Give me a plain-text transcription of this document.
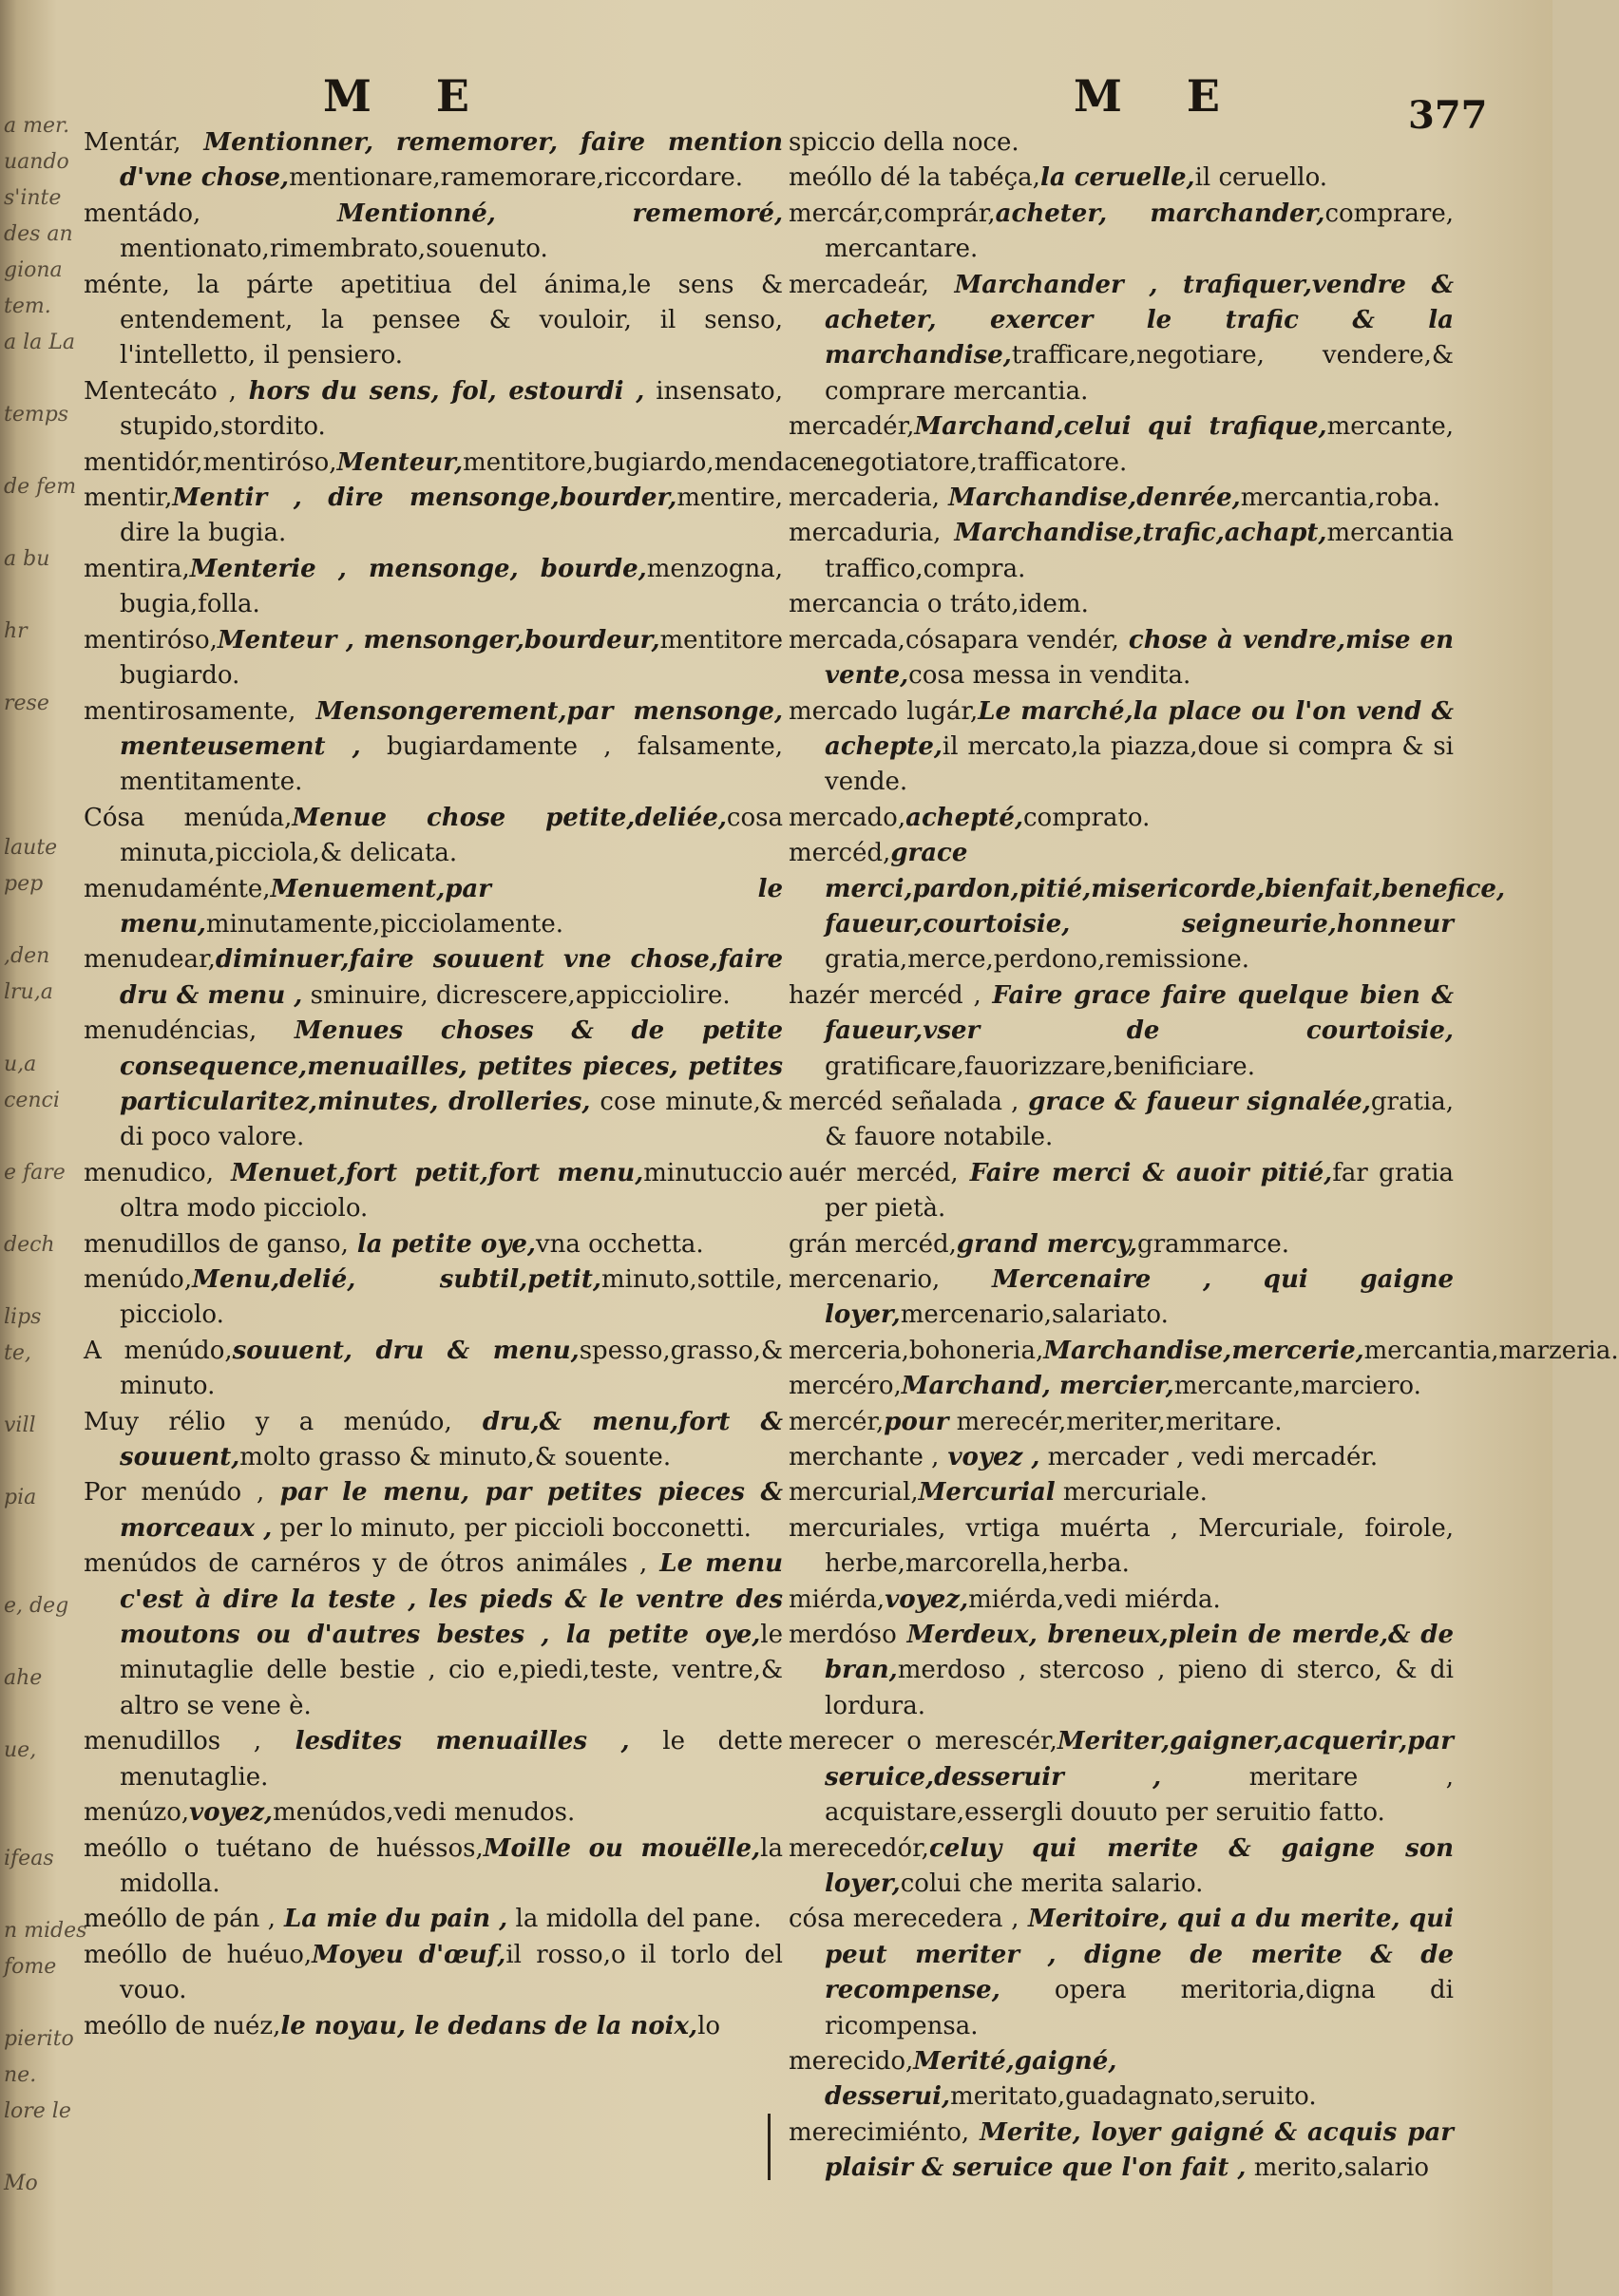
a mer.
uando
s'inte
des an
giona
tem.
a la La
temps
de fem
a bu
hr
rese
laute
pep
,den
lru,a
u,a
cenci
e fare
dech
lips
te,
vill
pia
e, deg
ahe
ue,
ifeas
n mides
fome
pierito
ne.
lore le
Mo
M E	M E	377

Mentár, Mentionner, rememorer, faire mention d'vne chose,mentionare,ramemorare,riccordare.

mentádo, Mentionné, rememoré, mentionato,rimembrato,souenuto.

ménte, la párte apetitiua del ánima,le sens & entendement, la pensee & vouloir, il senso, l'intelletto, il pensiero.

Mentecáto , hors du sens, fol, estourdi , insensato, stupido,stordito.

mentidór,mentiróso,Menteur,mentitore,bugiardo,mendace.

mentir,Mentir , dire mensonge,bourder,mentire, dire la bugia.

mentira,Menterie , mensonge, bourde,menzogna, bugia,folla.

mentiróso,Menteur , mensonger,bourdeur,mentitore bugiardo.

mentirosamente, Mensongerement,par mensonge, menteusement , bugiardamente , falsamente, mentitamente.

Cósa menúda,Menue chose petite,deliée,cosa minuta,picciola,& delicata.

menudaménte,Menuement,par le menu,minutamente,picciolamente.

menudear,diminuer,faire souuent vne chose,faire dru & menu , sminuire, dicrescere,appicciolire.

menudéncias, Menues choses & de petite consequence,menuailles, petites pieces, petites particularitez,minutes, drolleries, cose minute,& di poco valore.

menudico, Menuet,fort petit,fort menu,minutuccio oltra modo picciolo.

menudillos de ganso, la petite oye,vna occhetta.

menúdo,Menu,delié, subtil,petit,minuto,sottile, picciolo.

A menúdo,souuent, dru & menu,spesso,grasso,& minuto.

Muy rélio y a menúdo, dru,& menu,fort & souuent,molto grasso & minuto,& souente.

Por menúdo , par le menu, par petites pieces & morceaux , per lo minuto, per piccioli bocconetti.

menúdos de carnéros y de ótros animáles , Le menu c'est à dire la teste , les pieds & le ventre des moutons ou d'autres bestes , la petite oye,le minutaglie delle bestie , cio e,piedi,teste, ventre,& altro se vene è.

menudillos , lesdites menuailles , le dette menutaglie.

menúzo,voyez,menúdos,vedi menudos.

meóllo o tuétano de huéssos,Moille ou mouëlle,la midolla.

meóllo de pán , La mie du pain , la midolla del pane.

meóllo de huéuo,Moyeu d'œuf,il rosso,o il torlo del vouo.

meóllo de nuéz,le noyau, le dedans de la noix,lo

spiccio della noce.

meóllo dé la tabéça,la ceruelle,il ceruello.

mercár,comprár,acheter, marchander,comprare, mercantare.

mercadeár, Marchander , trafiquer,vendre & acheter, exercer le trafic & la marchandise,trafficare,negotiare, vendere,& comprare mercantia.

mercadér,Marchand,celui qui trafique,mercante, negotiatore,trafficatore.

mercaderia, Marchandise,denrée,mercantia,roba.

mercaduria, Marchandise,trafic,achapt,mercantia traffico,compra.

mercancia o tráto,idem.

mercada,cósapara vendér, chose à vendre,mise en vente,cosa messa in vendita.

mercado lugár,Le marché,la place ou l'on vend & achepte,il mercato,la piazza,doue si compra & si vende.

mercado,achepté,comprato.

mercéd,grace merci,pardon,pitié,misericorde,bienfait,benefice, faueur,courtoisie, seigneurie,honneur gratia,merce,perdono,remissione.

hazér mercéd , Faire grace faire quelque bien & faueur,vser de courtoisie, gratificare,fauorizzare,benificiare.

mercéd señalada , grace & faueur signalée,gratia, & fauore notabile.

auér mercéd, Faire merci & auoir pitié,far gratia per pietà.

grán mercéd,grand mercy,grammarce.

mercenario, Mercenaire , qui gaigne loyer,mercenario,salariato.

merceria,bohoneria,Marchandise,mercerie,mercantia,marzeria.

mercéro,Marchand, mercier,mercante,marciero.

mercér,pour merecér,meriter,meritare.

merchante , voyez , mercader , vedi mercadér.

mercurial,Mercurial mercuriale.

mercuriales, vrtiga muérta , Mercuriale, foirole, herbe,marcorella,herba.

miérda,voyez,miérda,vedi miérda.

merdóso Merdeux, breneux,plein de merde,& de bran,merdoso , stercoso , pieno di sterco, & di lordura.

merecer o merescér,Meriter,gaigner,acquerir,par seruice,desseruir , meritare , acquistare,essergli douuto per seruitio fatto.

merecedór,celuy qui merite & gaigne son loyer,colui che merita salario.

cósa merecedera , Meritoire, qui a du merite, qui peut meriter , digne de merite & de recompense, opera meritoria,digna di ricompensa.

merecido,Merité,gaigné, desserui,meritato,guadagnato,seruito.

merecimiénto, Merite, loyer gaigné & acquis par plaisir & seruice que l'on fait , merito,salario
